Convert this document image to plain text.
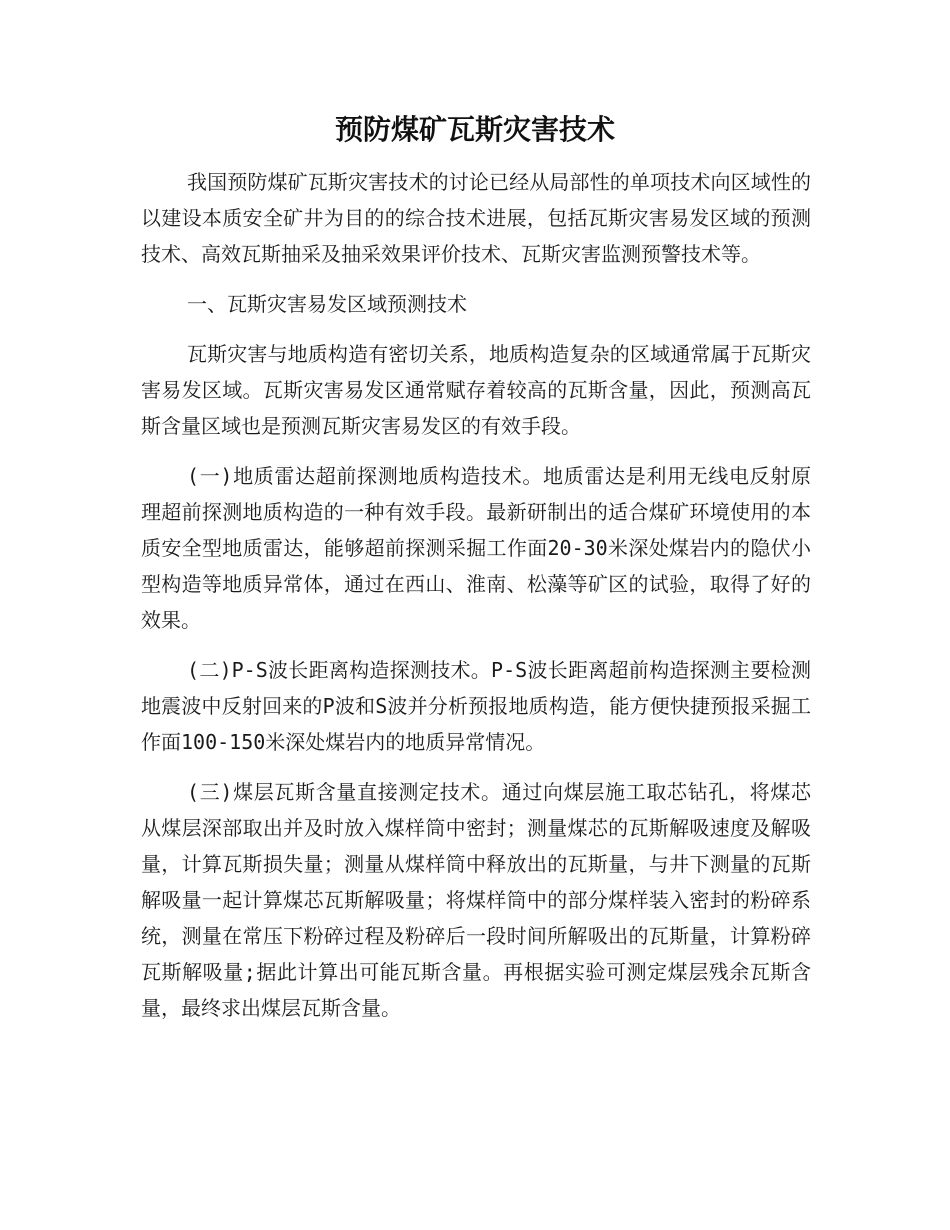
预防煤矿瓦斯灾害技术

我国预防煤矿瓦斯灾害技术的讨论已经从局部性的单项技术向区域性的以建设本质安全矿井为目的的综合技术进展，包括瓦斯灾害易发区域的预测技术、高效瓦斯抽采及抽采效果评价技术、瓦斯灾害监测预警技术等。

一、瓦斯灾害易发区域预测技术

瓦斯灾害与地质构造有密切关系，地质构造复杂的区域通常属于瓦斯灾害易发区域。瓦斯灾害易发区通常赋存着较高的瓦斯含量，因此，预测高瓦斯含量区域也是预测瓦斯灾害易发区的有效手段。

(一)地质雷达超前探测地质构造技术。地质雷达是利用无线电反射原理超前探测地质构造的一种有效手段。最新研制出的适合煤矿环境使用的本质安全型地质雷达，能够超前探测采掘工作面20-30米深处煤岩内的隐伏小型构造等地质异常体，通过在西山、淮南、松藻等矿区的试验，取得了好的效果。

(二)P-S波长距离构造探测技术。P-S波长距离超前构造探测主要检测地震波中反射回来的P波和S波并分析预报地质构造，能方便快捷预报采掘工作面100-150米深处煤岩内的地质异常情况。

(三)煤层瓦斯含量直接测定技术。通过向煤层施工取芯钻孔，将煤芯从煤层深部取出并及时放入煤样筒中密封；测量煤芯的瓦斯解吸速度及解吸量，计算瓦斯损失量；测量从煤样筒中释放出的瓦斯量，与井下测量的瓦斯解吸量一起计算煤芯瓦斯解吸量；将煤样筒中的部分煤样装入密封的粉碎系统，测量在常压下粉碎过程及粉碎后一段时间所解吸出的瓦斯量，计算粉碎瓦斯解吸量;据此计算出可能瓦斯含量。再根据实验可测定煤层残余瓦斯含量，最终求出煤层瓦斯含量。
